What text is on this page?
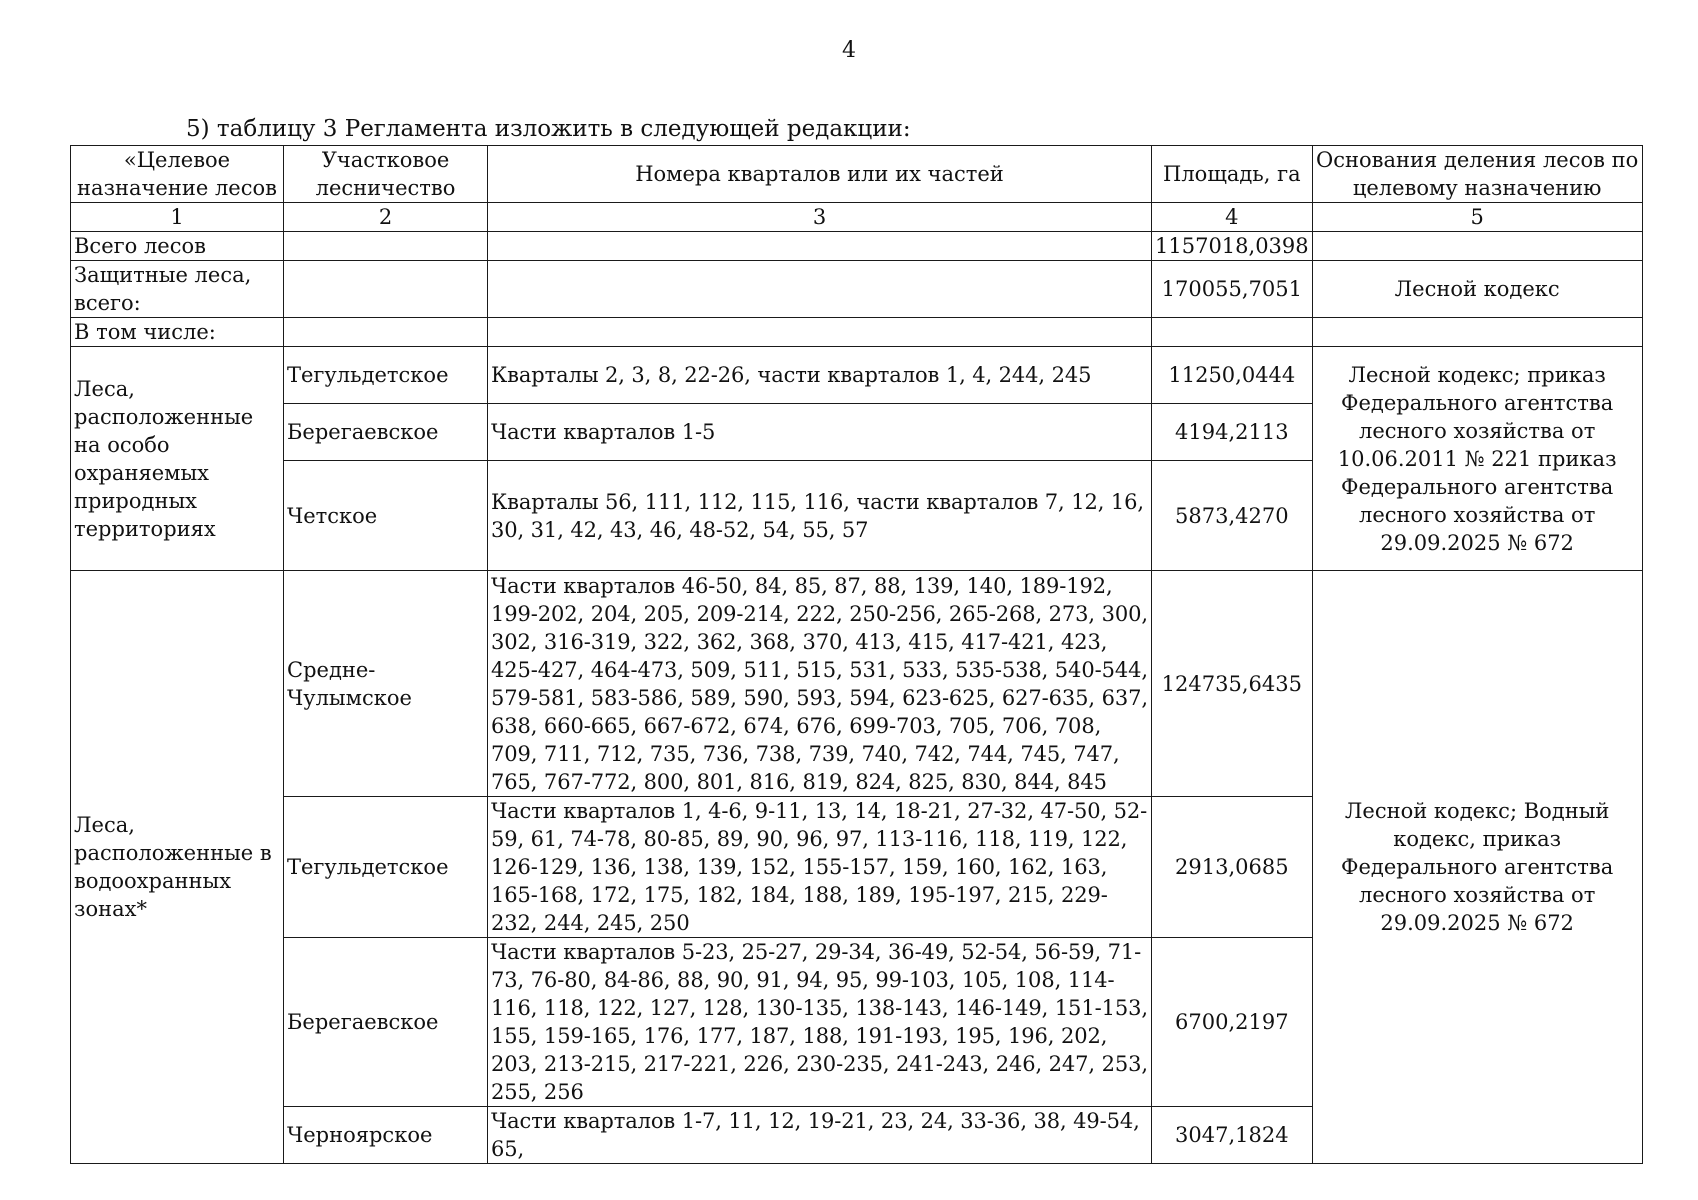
4
5) таблицу 3 Регламента изложить в следующей редакции:
«Целевое назначение лесов	Участковое лесничество	Номера кварталов или их частей	Площадь, га	Основания деления лесов по целевому назначению
1	2	3	4	5
Всего лесов			1157018,0398	
Защитные леса, всего:			170055,7051	Лесной кодекс
В том числе:				
Леса, расположенные на особо охраняемых природных территориях	Тегульдетское	Кварталы 2, 3, 8, 22-26, части кварталов 1, 4, 244, 245	11250,0444	Лесной кодекс; приказ Федерального агентства лесного хозяйства от 10.06.2011 № 221 приказ Федерального агентства лесного хозяйства от 29.09.2025 № 672
	Берегаевское	Части кварталов 1-5	4194,2113	
	Четское	Кварталы 56, 111, 112, 115, 116, части кварталов 7, 12, 16, 30, 31, 42, 43, 46, 48-52, 54, 55, 57	5873,4270	
Леса, расположенные в водоохранных зонах*	Средне-Чулымское	Части кварталов 46-50, 84, 85, 87, 88, 139, 140, 189-192, 199-202, 204, 205, 209-214, 222, 250-256, 265-268, 273, 300, 302, 316-319, 322, 362, 368, 370, 413, 415, 417-421, 423, 425-427, 464-473, 509, 511, 515, 531, 533, 535-538, 540-544, 579-581, 583-586, 589, 590, 593, 594, 623-625, 627-635, 637, 638, 660-665, 667-672, 674, 676, 699-703, 705, 706, 708, 709, 711, 712, 735, 736, 738, 739, 740, 742, 744, 745, 747, 765, 767-772, 800, 801, 816, 819, 824, 825, 830, 844, 845	124735,6435	Лесной кодекс; Водный кодекс, приказ Федерального агентства лесного хозяйства от 29.09.2025 № 672
	Тегульдетское	Части кварталов 1, 4-6, 9-11, 13, 14, 18-21, 27-32, 47-50, 52-59, 61, 74-78, 80-85, 89, 90, 96, 97, 113-116, 118, 119, 122, 126-129, 136, 138, 139, 152, 155-157, 159, 160, 162, 163, 165-168, 172, 175, 182, 184, 188, 189, 195-197, 215, 229-232, 244, 245, 250	2913,0685	
	Берегаевское	Части кварталов 5-23, 25-27, 29-34, 36-49, 52-54, 56-59, 71-73, 76-80, 84-86, 88, 90, 91, 94, 95, 99-103, 105, 108, 114-116, 118, 122, 127, 128, 130-135, 138-143, 146-149, 151-153, 155, 159-165, 176, 177, 187, 188, 191-193, 195, 196, 202, 203, 213-215, 217-221, 226, 230-235, 241-243, 246, 247, 253, 255, 256	6700,2197	
	Черноярское	Части кварталов 1-7, 11, 12, 19-21, 23, 24, 33-36, 38, 49-54, 65,	3047,1824	
